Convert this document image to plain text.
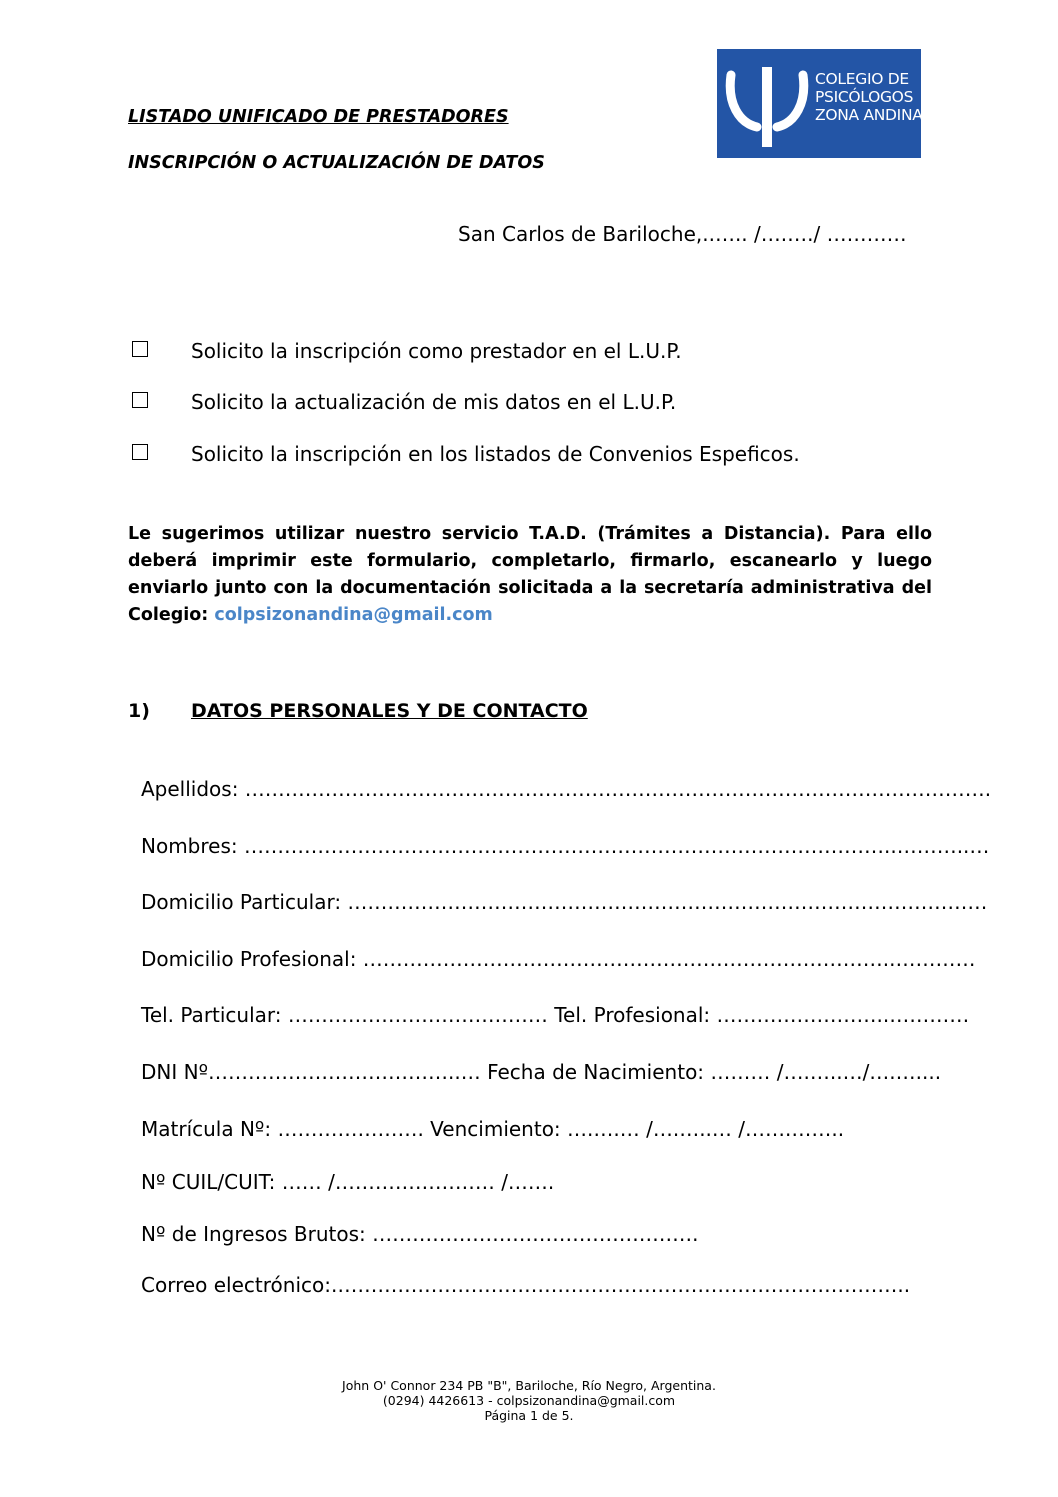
LISTADO UNIFICADO DE PRESTADORES
INSCRIPCIÓN O ACTUALIZACIÓN DE DATOS
COLEGIO DE
PSICÓLOGOS
ZONA ANDINA
San Carlos de Bariloche,..….. /….…./ …………
Solicito la inscripción como prestador en el L.U.P.
Solicito la actualización de mis datos en el L.U.P.
Solicito la inscripción en los listados de Convenios Espeficos.
Le sugerimos utilizar nuestro servicio T.A.D. (Trámites a Distancia). Para ello deberá imprimir este formulario, completarlo, firmarlo, escanearlo y luego enviarlo junto con la documentación solicitada a la secretaría administrativa del Colegio: colpsizonandina@gmail.com
1) DATOS PERSONALES Y DE CONTACTO
Apellidos: ………………………………………………………………………………………………….
Nombres: ……………………………………………………………………………………..………..…
Domicilio Particular: ……………………………………………………………………………………
Domicilio Profesional: ……………………………………………………………………..…………
Tel. Particular: ………………………………… Tel. Profesional: ……………………..…………
DNI Nº………………………………..… Fecha de Nacimiento: ……… /….…..…/….…....
Matrícula Nº: …………………. Vencimiento: ….….… /….…..… /…….……..
Nº CUIL/CUIT: …… /…………………… /…….
Nº de Ingresos Brutos: ………………………………………….
Correo electrónico:.…………………………………………………………………………..
John O' Connor 234 PB "B", Bariloche, Río Negro, Argentina.
(0294) 4426613 - colpsizonandina@gmail.com
Página 1 de 5.
